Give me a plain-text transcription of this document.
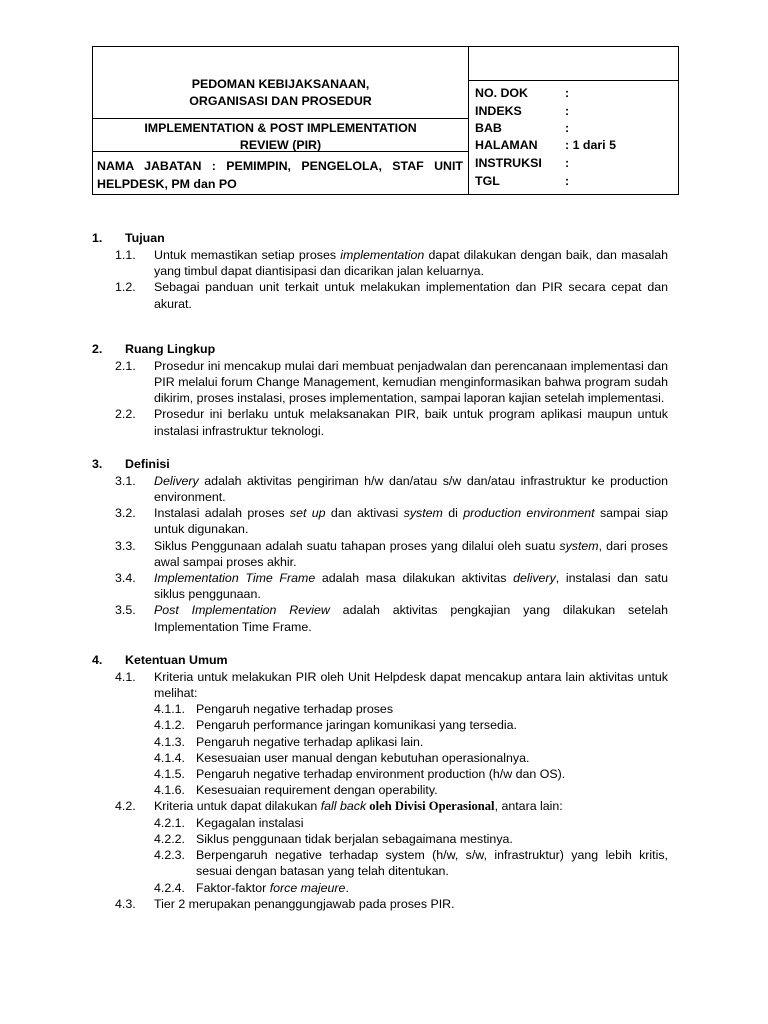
PEDOMAN KEBIJAKSANAAN,
ORGANISASI DAN PROSEDUR
IMPLEMENTATION & POST IMPLEMENTATION
REVIEW (PIR)
NAMA JABATAN : PEMIMPIN, PENGELOLA, STAF UNIT HELPDESK, PM dan PO
NO. DOK	:
INDEKS	:
BAB	:
HALAMAN : 1 dari 5
INSTRUKSI :
TGL	:
1. Tujuan
1.1. Untuk memastikan setiap proses implementation dapat dilakukan dengan baik, dan masalah yang timbul dapat diantisipasi dan dicarikan jalan keluarnya.
1.2. Sebagai panduan unit terkait untuk melakukan implementation dan PIR secara cepat dan akurat.
2. Ruang Lingkup
2.1. Prosedur ini mencakup mulai dari membuat penjadwalan dan perencanaan implementasi dan PIR melalui forum Change Management, kemudian menginformasikan bahwa program sudah dikirim, proses instalasi, proses implementation, sampai laporan kajian setelah implementasi.
2.2. Prosedur ini berlaku untuk melaksanakan PIR, baik untuk program aplikasi maupun untuk instalasi infrastruktur teknologi.
3. Definisi
3.1. Delivery adalah aktivitas pengiriman h/w dan/atau s/w dan/atau infrastruktur ke production environment.
3.2. Instalasi adalah proses set up dan aktivasi system di production environment sampai siap untuk digunakan.
3.3. Siklus Penggunaan adalah suatu tahapan proses yang dilalui oleh suatu system, dari proses awal sampai proses akhir.
3.4. Implementation Time Frame adalah masa dilakukan aktivitas delivery, instalasi dan satu siklus penggunaan.
3.5. Post Implementation Review adalah aktivitas pengkajian yang dilakukan setelah Implementation Time Frame.
4. Ketentuan Umum
4.1. Kriteria untuk melakukan PIR oleh Unit Helpdesk dapat mencakup antara lain aktivitas untuk melihat:
4.1.1. Pengaruh negative terhadap proses
4.1.2. Pengaruh performance jaringan komunikasi yang tersedia.
4.1.3. Pengaruh negative terhadap aplikasi lain.
4.1.4. Kesesuaian user manual dengan kebutuhan operasionalnya.
4.1.5. Pengaruh negative terhadap environment production (h/w dan OS).
4.1.6. Kesesuaian requirement dengan operability.
4.2. Kriteria untuk dapat dilakukan fall back oleh Divisi Operasional, antara lain:
4.2.1. Kegagalan instalasi
4.2.2. Siklus penggunaan tidak berjalan sebagaimana mestinya.
4.2.3. Berpengaruh negative terhadap system (h/w, s/w, infrastruktur) yang lebih kritis, sesuai dengan batasan yang telah ditentukan.
4.2.4. Faktor-faktor force majeure.
4.3. Tier 2 merupakan penanggungjawab pada proses PIR.
